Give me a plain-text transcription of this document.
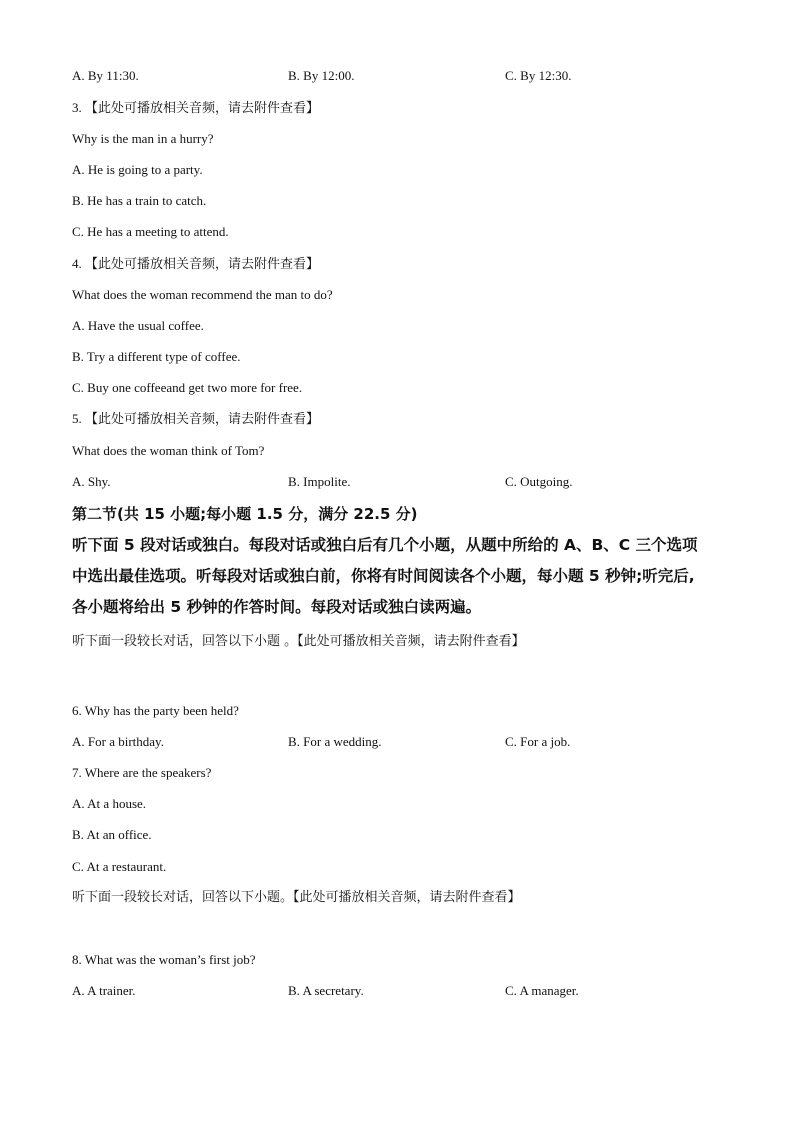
A. By 11:30.	B. By 12:00.	C. By 12:30.
3. 【此处可播放相关音频，请去附件查看】
Why is the man in a hurry?
A. He is going to a party.
B. He has a train to catch.
C. He has a meeting to attend.
4. 【此处可播放相关音频，请去附件查看】
What does the woman recommend the man to do?
A. Have the usual coffee.
B. Try a different type of coffee.
C. Buy one coffeeand get two more for free.
5. 【此处可播放相关音频，请去附件查看】
What does the woman think of Tom?
A. Shy.	B. Impolite.	C. Outgoing.
第二节(共 15 小题;每小题 1.5 分，满分 22.5 分)
听下面 5 段对话或独白。每段对话或独白后有几个小题，从题中所给的 A、B、C 三个选项
中选出最佳选项。听每段对话或独白前，你将有时间阅读各个小题，每小题 5 秒钟;听完后,
各小题将给出 5 秒钟的作答时间。每段对话或独白读两遍。
听下面一段较长对话，回答以下小题 。【此处可播放相关音频，请去附件查看】
6. Why has the party been held?
A. For a birthday.	B. For a wedding.	C. For a job.
7. Where are the speakers?
A. At a house.
B. At an office.
C. At a restaurant.
听下面一段较长对话，回答以下小题。【此处可播放相关音频，请去附件查看】
8. What was the woman’s first job?
A. A trainer.	B. A secretary.	C. A manager.
